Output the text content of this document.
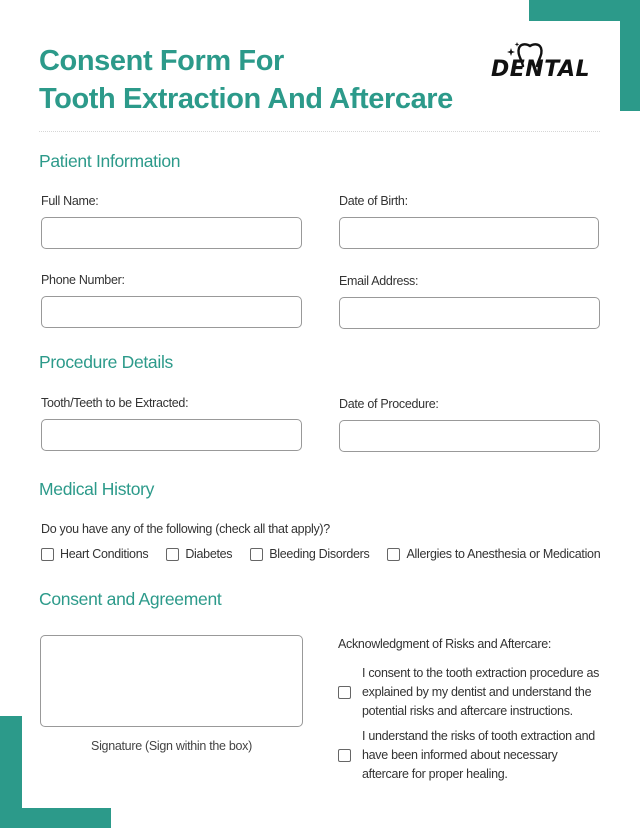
Consent Form For
Tooth Extraction And Aftercare
DENTAL
Patient Information
Full Name:	Date of Birth:
Phone Number:	Email Address:
Procedure Details
Tooth/Teeth to be Extracted:	Date of Procedure:
Medical History
Do you have any of the following (check all that apply)?
Heart Conditions	Diabetes	Bleeding Disorders	Allergies to Anesthesia or Medication
Consent and Agreement
Signature (Sign within the box)
Acknowledgment of Risks and Aftercare:
I consent to the tooth extraction procedure as explained by my dentist and understand the potential risks and aftercare instructions.
I understand the risks of tooth extraction and have been informed about necessary aftercare for proper healing.
